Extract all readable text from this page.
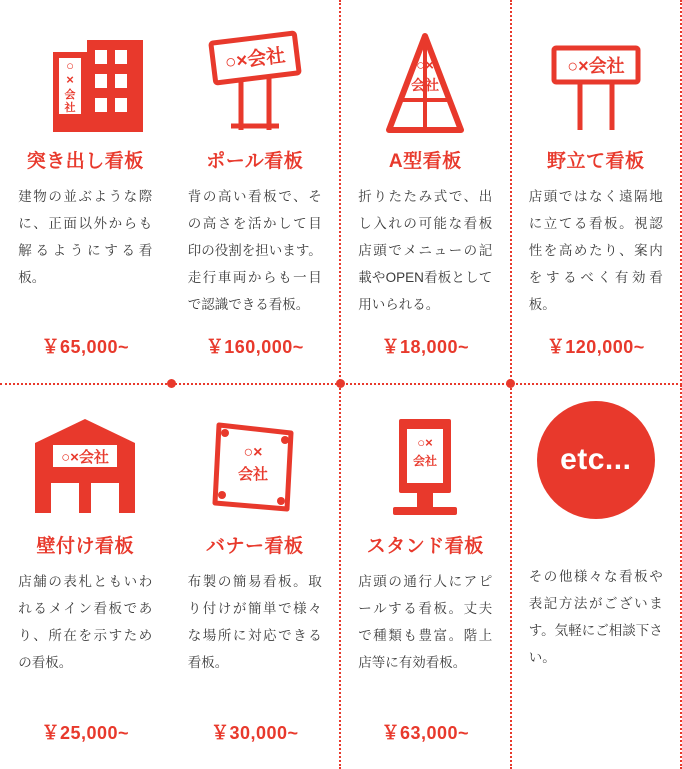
○
×
会
社
突き出し看板
建物の並ぶような際に、正面以外からも解るようにする看板。
￥65,000~
○×会社
ポール看板
背の高い看板で、その高さを活かして目印の役割を担います。走行車両からも一目で認識できる看板。
￥160,000~
○×
会社
A型看板
折りたたみ式で、出し入れの可能な看板店頭でメニューの記載やOPEN看板として用いられる。
￥18,000~
○×会社
野立て看板
店頭ではなく遠隔地に立てる看板。視認性を高めたり、案内をするべく有効看板。
￥120,000~
○×会社
壁付け看板
店舗の表札ともいわれるメイン看板であり、所在を示すための看板。
￥25,000~
○×
会社
バナー看板
布製の簡易看板。取り付けが簡単で様々な場所に対応できる看板。
￥30,000~
○×
会社
スタンド看板
店頭の通行人にアピールする看板。丈夫で種類も豊富。階上店等に有効看板。
￥63,000~
etc...

その他様々な看板や表記方法がございます。気軽にご相談下さい。
